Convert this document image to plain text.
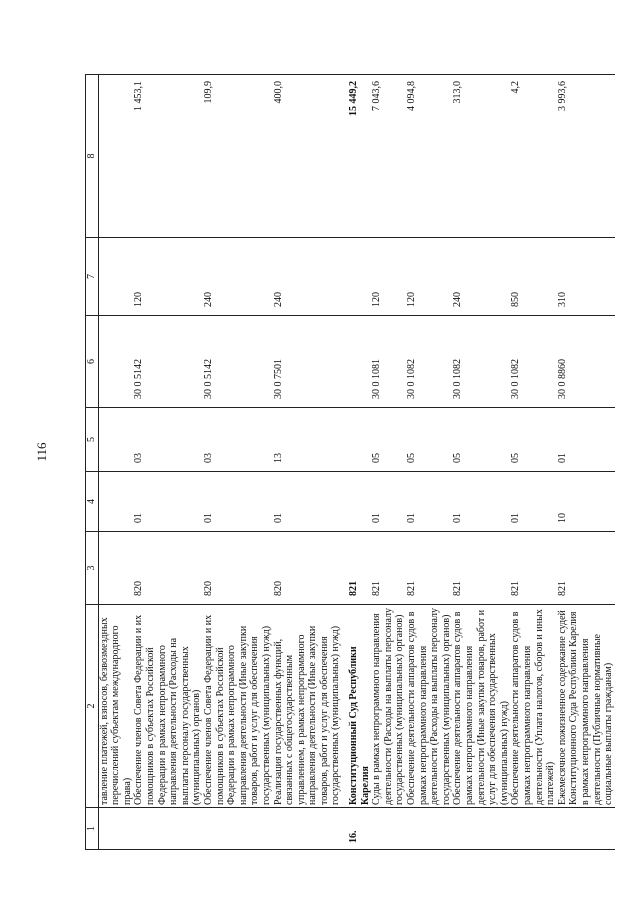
116
1	2	3	4	5	6	7	8
	тавление платежей, взносов, безвозмездных перечислений субъектам международного права)						
	Обеспечение членов Совета Федерации и их помощников в субъектах Российской Федерации в рамках непрограммного направления деятельности (Расходы на выплаты персоналу государственных (муниципальных) органов)	820	01	03	30 0 5142	120	1 453,1
	Обеспечение членов Совета Федерации и их помощников в субъектах Российской Федерации в рамках непрограммного направления деятельности (Иные закупки товаров, работ и услуг для обеспечения государственных (муниципальных) нужд)	820	01	03	30 0 5142	240	109,9
	Реализация государственных функций, связанных с общегосударственным управлением, в рамках непрограммного направления деятельности (Иные закупки товаров, работ и услуг для обеспечения государственных (муниципальных) нужд)	820	01	13	30 0 7501	240	400,0

16.	Конституционный Суд Республики Карелия	821					15 449,2
	Суды в рамках непрограммного направления деятельности (Расходы на выплаты персоналу государственных (муниципальных) органов)	821	01	05	30 0 1081	120	7 043,6
	Обеспечение деятельности аппаратов судов в рамках непрограммного направления деятельности (Расходы на выплаты персоналу государственных (муниципальных) органов)	821	01	05	30 0 1082	120	4 094,8
	Обеспечение деятельности аппаратов судов в рамках непрограммного направления деятельности (Иные закупки товаров, работ и услуг для обеспечения государственных (муниципальных) нужд)	821	01	05	30 0 1082	240	313,0
	Обеспечение деятельности аппаратов судов в рамках непрограммного направления деятельности (Уплата налогов, сборов и иных платежей)	821	01	05	30 0 1082	850	4,2
	Ежемесячное пожизненное содержание судей Конституционного Суда Республики Карелия в рамках непрограммного направления деятельности (Публичные нормативные социальные выплаты гражданам)	821	10	01	30 0 8860	310	3 993,6
